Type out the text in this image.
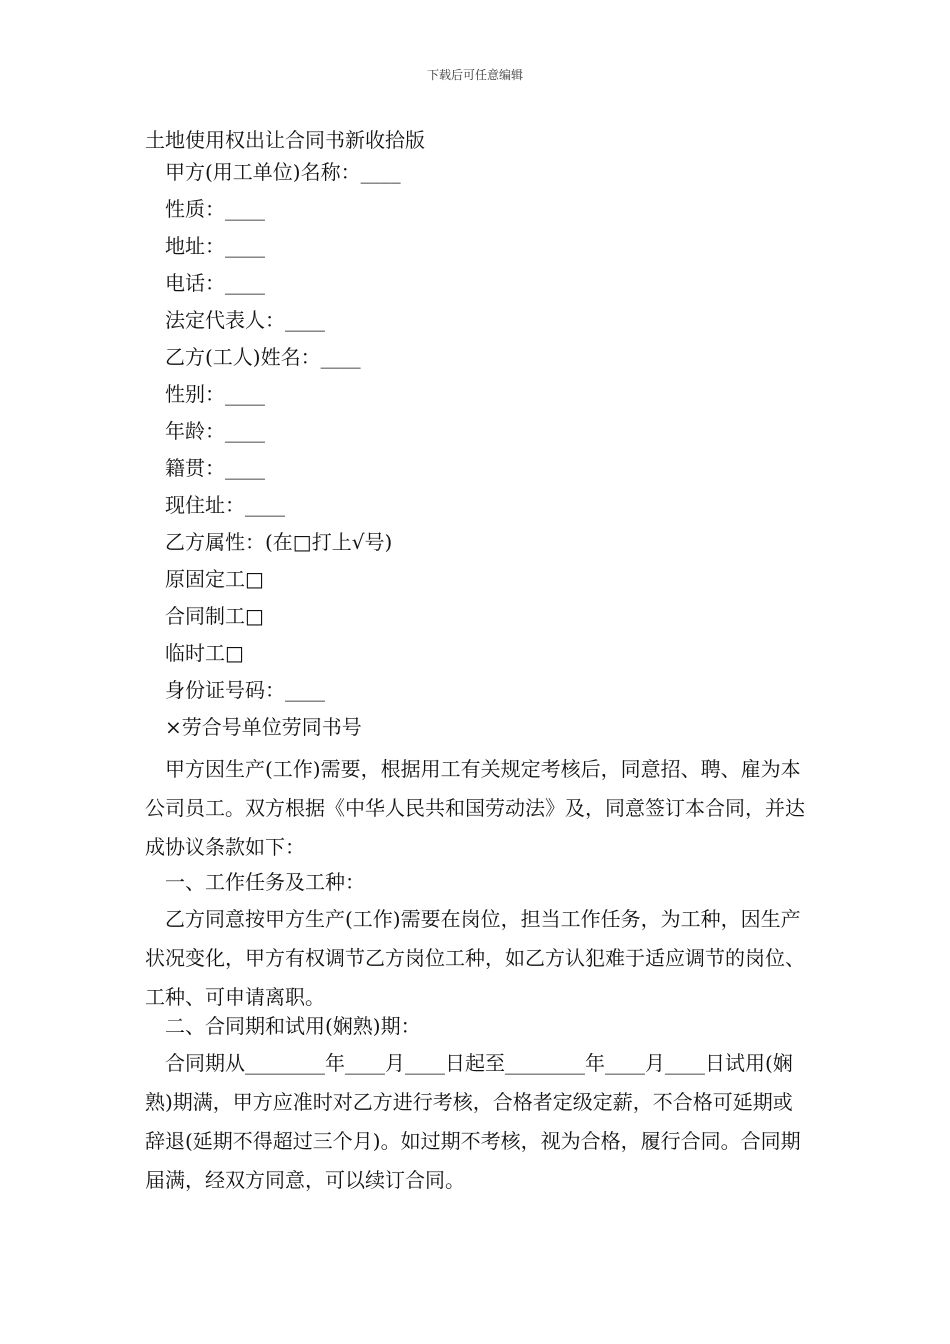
下载后可任意编辑
土地使用权出让合同书新收拾版
甲方(用工单位)名称：____
性质：____
地址：____
电话：____
法定代表人：____
乙方(工人)姓名：____
性别：____
年龄：____
籍贯：____
现住址：____
乙方属性：(在□打上√号)
原固定工□
合同制工□
临时工□
身份证号码：____
×劳合号单位劳同书号

甲方因生产(工作)需要，根据用工有关规定考核后，同意招、聘、雇为本公司员工。双方根据《中华人民共和国劳动法》及，同意签订本合同，并达成协议条款如下：

一、工作任务及工种：

乙方同意按甲方生产(工作)需要在岗位，担当工作任务，为工种，因生产状况变化，甲方有权调节乙方岗位工种，如乙方认犯难于适应调节的岗位、工种、可申请离职。

二、合同期和试用(娴熟)期：

合同期从________年____月____日起至________年____月____日试用(娴熟)期满，甲方应准时对乙方进行考核，合格者定级定薪，不合格可延期或辞退(延期不得超过三个月)。如过期不考核，视为合格，履行合同。合同期届满，经双方同意，可以续订合同。
